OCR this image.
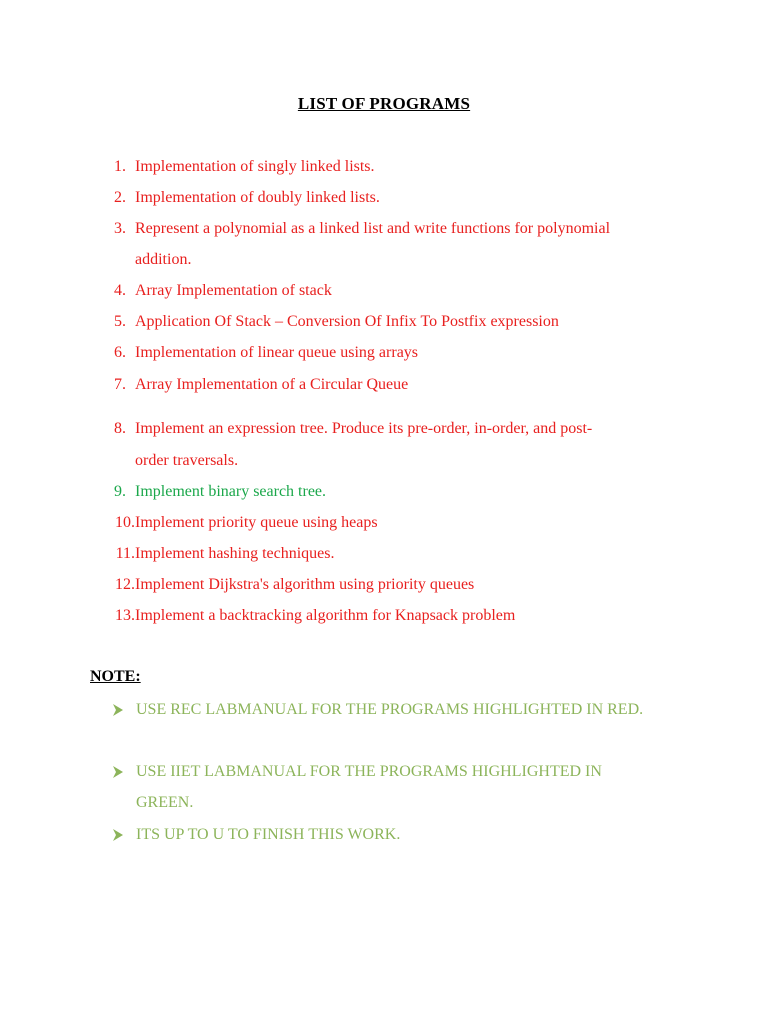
LIST OF PROGRAMS
1. Implementation of singly linked lists.
2. Implementation of doubly linked lists.
3. Represent a polynomial as a linked list and write functions for polynomial
addition.
4. Array Implementation of stack
5. Application Of Stack – Conversion Of Infix To Postfix expression
6. Implementation of linear queue using arrays
7. Array Implementation of a Circular Queue
8. Implement an expression tree. Produce its pre-order, in-order, and post-
order traversals.
9. Implement binary search tree.
10. Implement priority queue using heaps
11. Implement hashing techniques.
12. Implement Dijkstra's algorithm using priority queues
13. Implement a backtracking algorithm for Knapsack problem
NOTE:
USE REC LABMANUAL FOR THE PROGRAMS HIGHLIGHTED IN RED.
USE IIET LABMANUAL FOR THE PROGRAMS HIGHLIGHTED IN GREEN.
ITS UP TO U TO FINISH THIS WORK.
